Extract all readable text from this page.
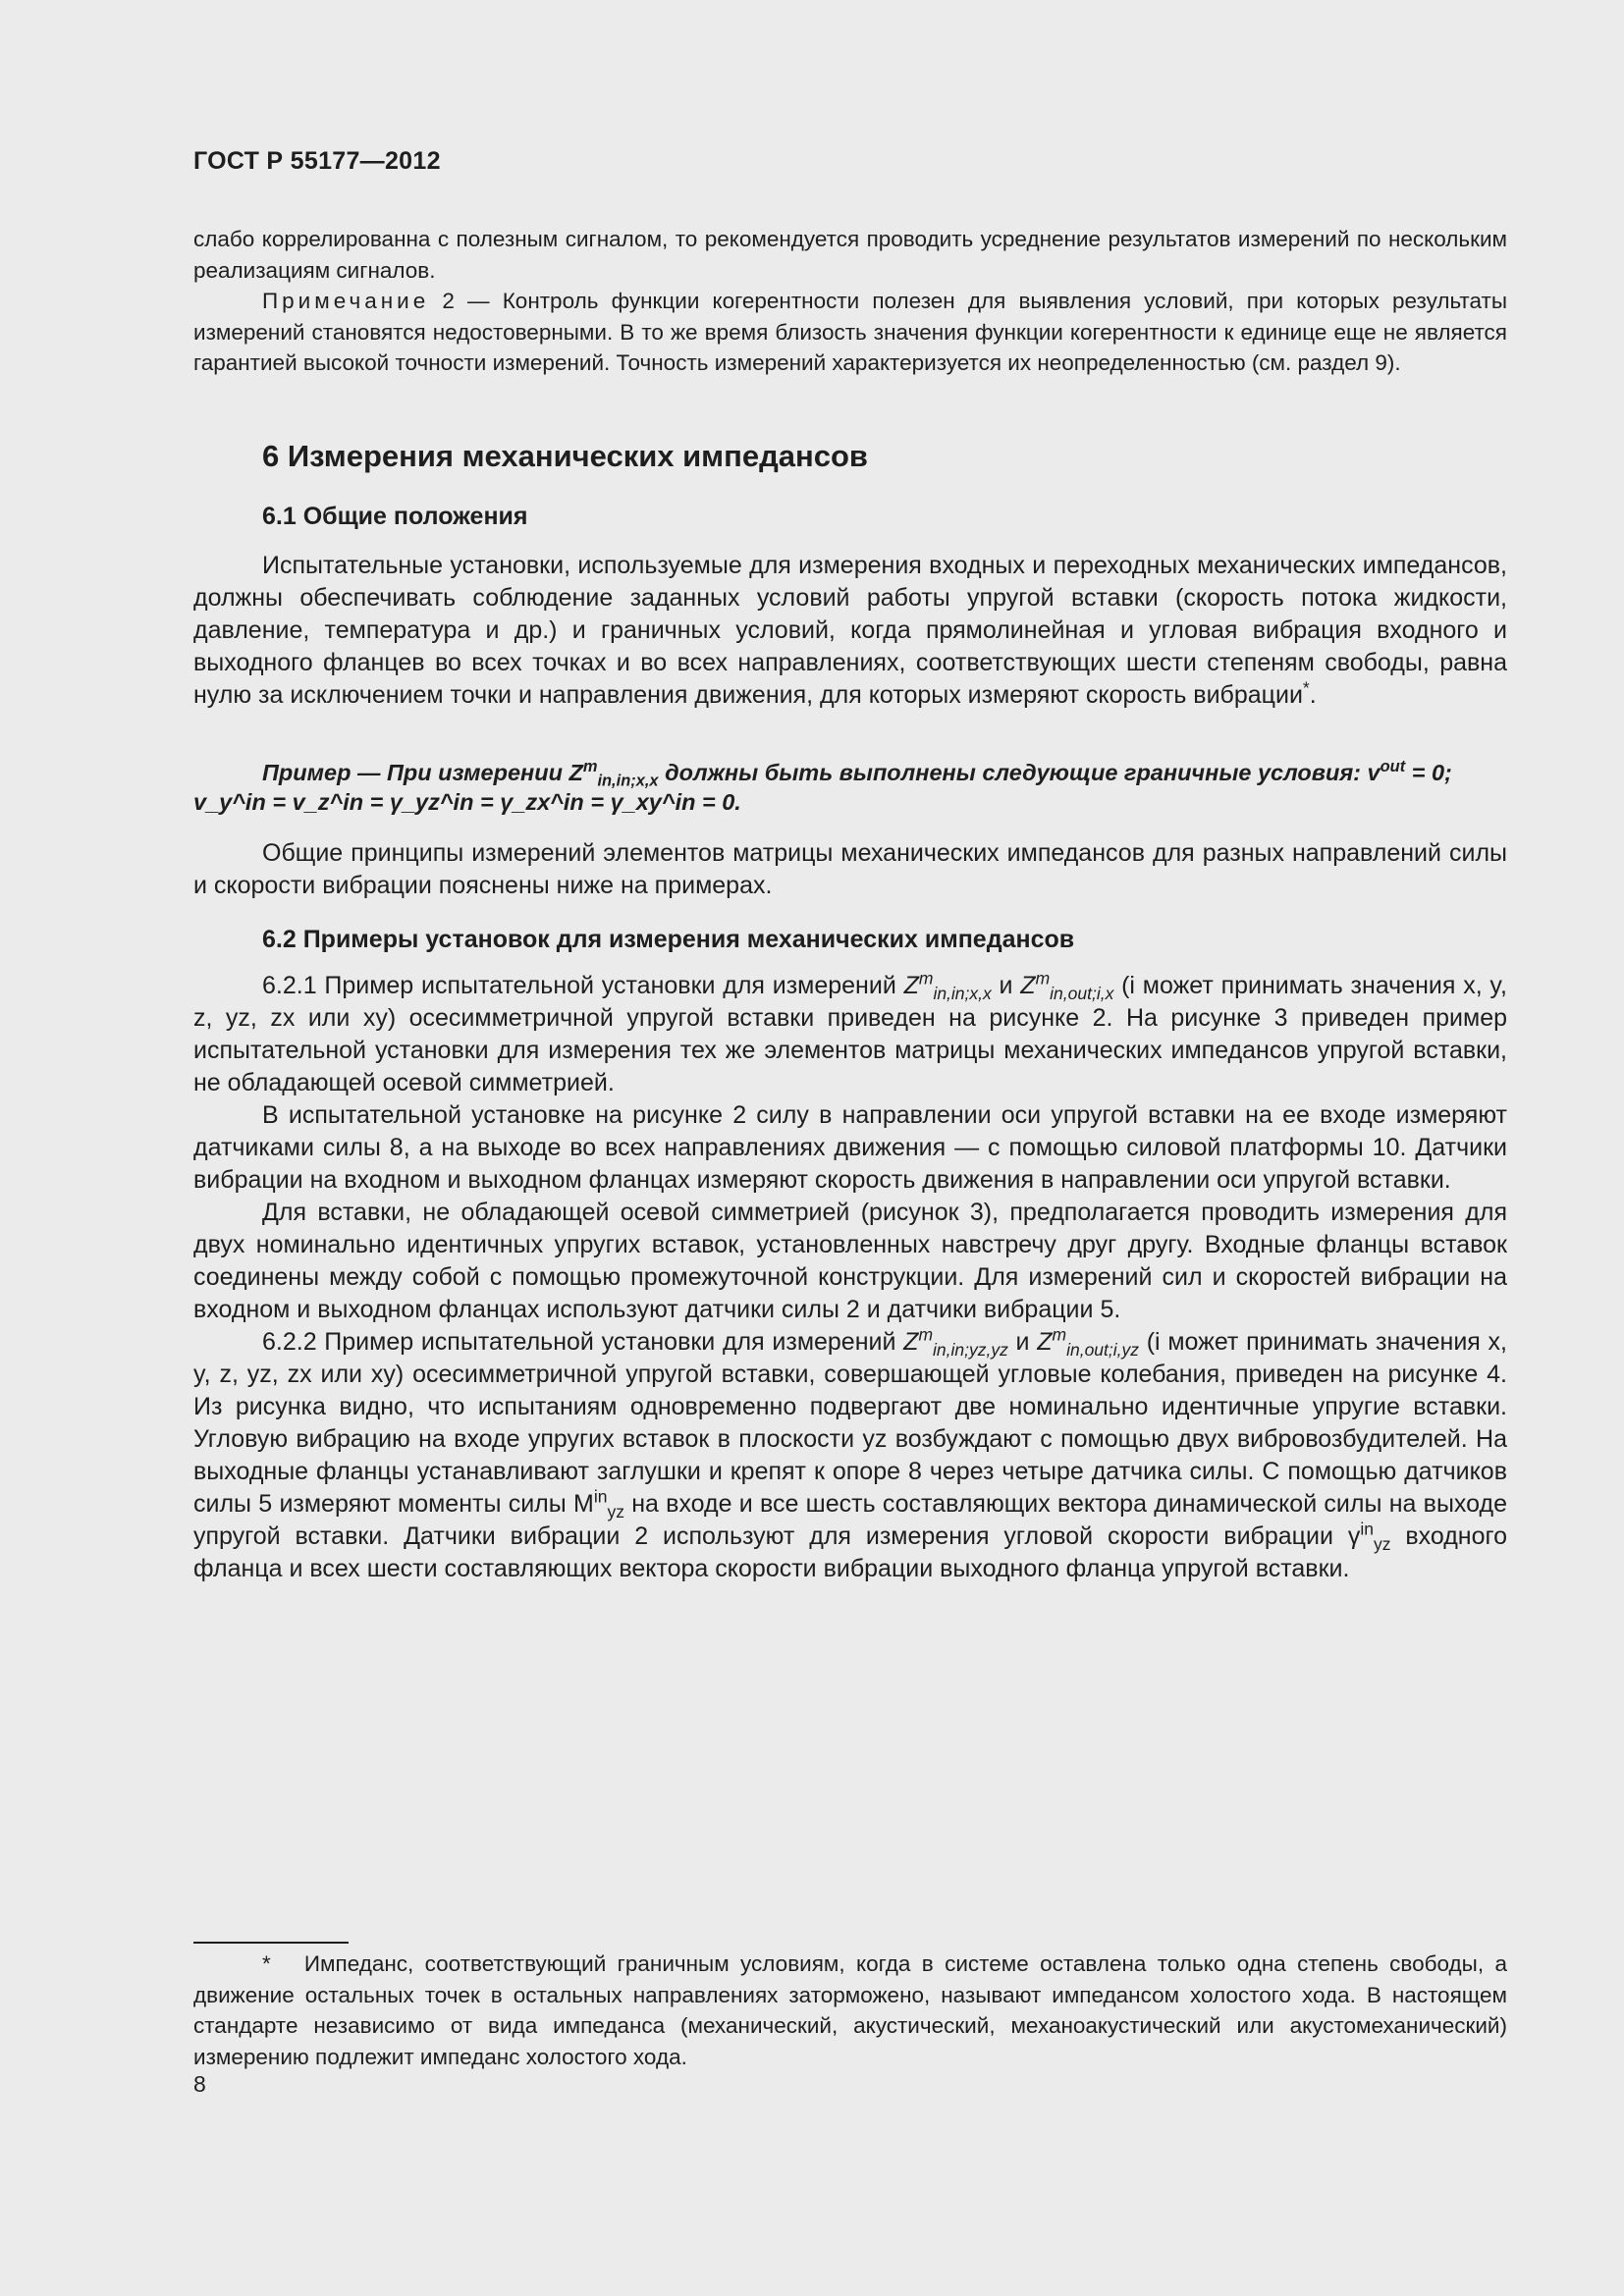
ГОСТ Р 55177—2012

слабо коррелированна с полезным сигналом, то рекомендуется проводить усреднение результатов измерений по нескольким реализациям сигналов.

Примечание 2 — Контроль функции когерентности полезен для выявления условий, при которых результаты измерений становятся недостоверными. В то же время близость значения функции когерентности к единице еще не является гарантией высокой точности измерений. Точность измерений характеризуется их неопределенностью (см. раздел 9).

6 Измерения механических импедансов
6.1 Общие положения
Испытательные установки, используемые для измерения входных и переходных механических импедансов, должны обеспечивать соблюдение заданных условий работы упругой вставки (скорость потока жидкости, давление, температура и др.) и граничных условий, когда прямолинейная и угловая вибрация входного и выходного фланцев во всех точках и во всех направлениях, соответствующих шести степеням свободы, равна нулю за исключением точки и направления движения, для которых измеряют скорость вибрации*.

Пример — При измерении $Z^m_{in,in;x,x}$ должны быть выполнены следующие граничные условия: $v^{out} = 0$;

v_y^in = v_z^in = γ_yz^in = γ_zx^in = γ_xy^in = 0.

Общие принципы измерений элементов матрицы механических импедансов для разных направлений силы и скорости вибрации пояснены ниже на примерах.
6.2 Примеры установок для измерения механических импедансов

6.2.1 Пример испытательной установки для измерений $Z^m_{in,in;x,x}$ и $Z^m_{in,out;i,x}$ (i может принимать значения x, y, z, yz, zx или xy) осесимметричной упругой вставки приведен на рисунке 2. На рисунке 3 приведен пример испытательной установки для измерения тех же элементов матрицы механических импедансов упругой вставки, не обладающей осевой симметрией.

В испытательной установке на рисунке 2 силу в направлении оси упругой вставки на ее входе измеряют датчиками силы 8, а на выходе во всех направлениях движения — с помощью силовой платформы 10. Датчики вибрации на входном и выходном фланцах измеряют скорость движения в направлении оси упругой вставки.

Для вставки, не обладающей осевой симметрией (рисунок 3), предполагается проводить измерения для двух номинально идентичных упругих вставок, установленных навстречу друг другу. Входные фланцы вставок соединены между собой с помощью промежуточной конструкции. Для измерений сил и скоростей вибрации на входном и выходном фланцах используют датчики силы 2 и датчики вибрации 5.

6.2.2 Пример испытательной установки для измерений $Z^m_{in,in;yz,yz}$ и $Z^m_{in,out;i,yz}$ (i может принимать значения x, y, z, yz, zx или xy) осесимметричной упругой вставки, совершающей угловые колебания, приведен на рисунке 4. Из рисунка видно, что испытаниям одновременно подвергают две номинально идентичные упругие вставки. Угловую вибрацию на входе упругих вставок в плоскости yz возбуждают с помощью двух вибровозбудителей. На выходные фланцы устанавливают заглушки и крепят к опоре 8 через четыре датчика силы. С помощью датчиков силы 5 измеряют моменты силы $M^{in}_{yz}$ на входе и все шесть составляющих вектора динамической силы на выходе упругой вставки. Датчики вибрации 2 используют для измерения угловой скорости вибрации $\gamma^{in}_{yz}$ входного фланца и всех шести составляющих вектора скорости вибрации выходного фланца упругой вставки.

* Импеданс, соответствующий граничным условиям, когда в системе оставлена только одна степень свободы, а движение остальных точек в остальных направлениях заторможено, называют импедансом холостого хода. В настоящем стандарте независимо от вида импеданса (механический, акустический, механоакустический или акустомеханический) измерению подлежит импеданс холостого хода.
8
